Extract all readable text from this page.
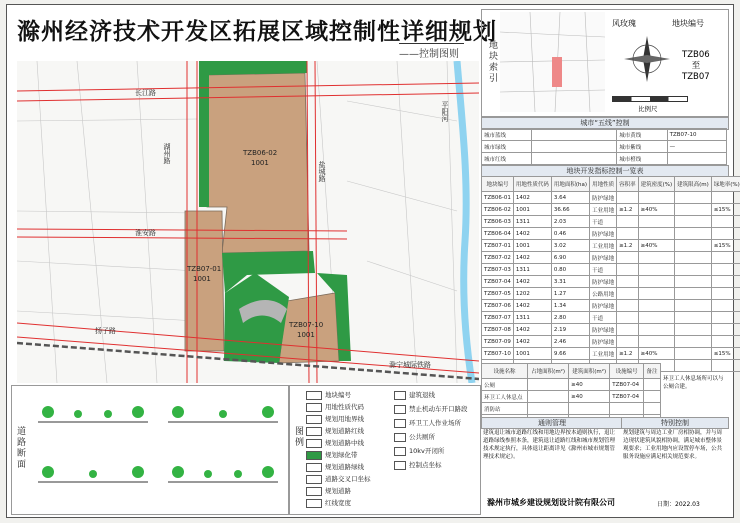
滁州经济技术开发区拓展区域控制性详细规划
——控制图则
长江路
湖州路
淮安路
扬子路
滁宁城际铁路
盐城路
平阳河
TZB06-02
1001
TZB07-01
1001
TZB07-10
1001
地块索引
风玫瑰	地块编号
TZB06
至
TZB07
比例尺
城市“五线”控制
城市蓝线		城市黄线	TZB07-10
城市绿线		城市紫线	—
城市红线		城市橙线	
地块开发指标控制一览表
地块编号	用地性质代码	用地面积(ha)	用地性质	容积率	建筑密度(%)	建筑限高(m)	绿地率(%)
TZB06-01	1402	3.64	防护绿地				
TZB06-02	1001	36.66	工业用地	≥1.2	≥40%		≤15%
TZB06-03	1311	2.03	干道				
TZB06-04	1402	0.46	防护绿地				
TZB07-01	1001	3.02	工业用地	≥1.2	≥40%		≤15%
TZB07-02	1402	6.90	防护绿地				
TZB07-03	1311	0.80	干道				
TZB07-04	1402	3.31	防护绿地				
TZB07-05	1202	1.27	公路用地				
TZB07-06	1402	1.34	防护绿地				
TZB07-07	1311	2.80	干道				
TZB07-08	1402	2.19	防护绿地				
TZB07-09	1402	2.46	防护绿地				
TZB07-10	1001	9.66	工业用地	≥1.2	≥40%		≤15%

设施名称	占地面积(m²)	建筑面积(m²)	设施编号	备注
公厕		≥40	TZB07-04	
环卫工人休息点		≥40	TZB07-04	
消防站				

环卫工人休息场所可以与公厕合建。
道路断面	图例
地块编号
用地性质代码
规划用地界线
规划道路红线
规划道路中线
规划绿化带
规划道路绿线
道路交叉口坐标
规划道路
红线宽度
建筑退线
禁止机动车开口路段
环卫工人作业场所
公共厕所
10kv开闭所
控制点坐标
通则管理
建筑退让城市道路红线和用地边界按本通则执行，退让道路绿线参照本条，建筑退让道路红线和城市规划管理技术规定执行，具体退让距离详见《滁州市城市规划管理技术规定》。
特别控制
规划建筑与周边工业厂房相协调，并与周边现状建筑风貌相协调，满足城市整体景观要求；工业用地内应设置停车场，公共服务设施应满足相关规范要求。
滁州市城乡建设规划设计院有限公司	日期：2022.03
